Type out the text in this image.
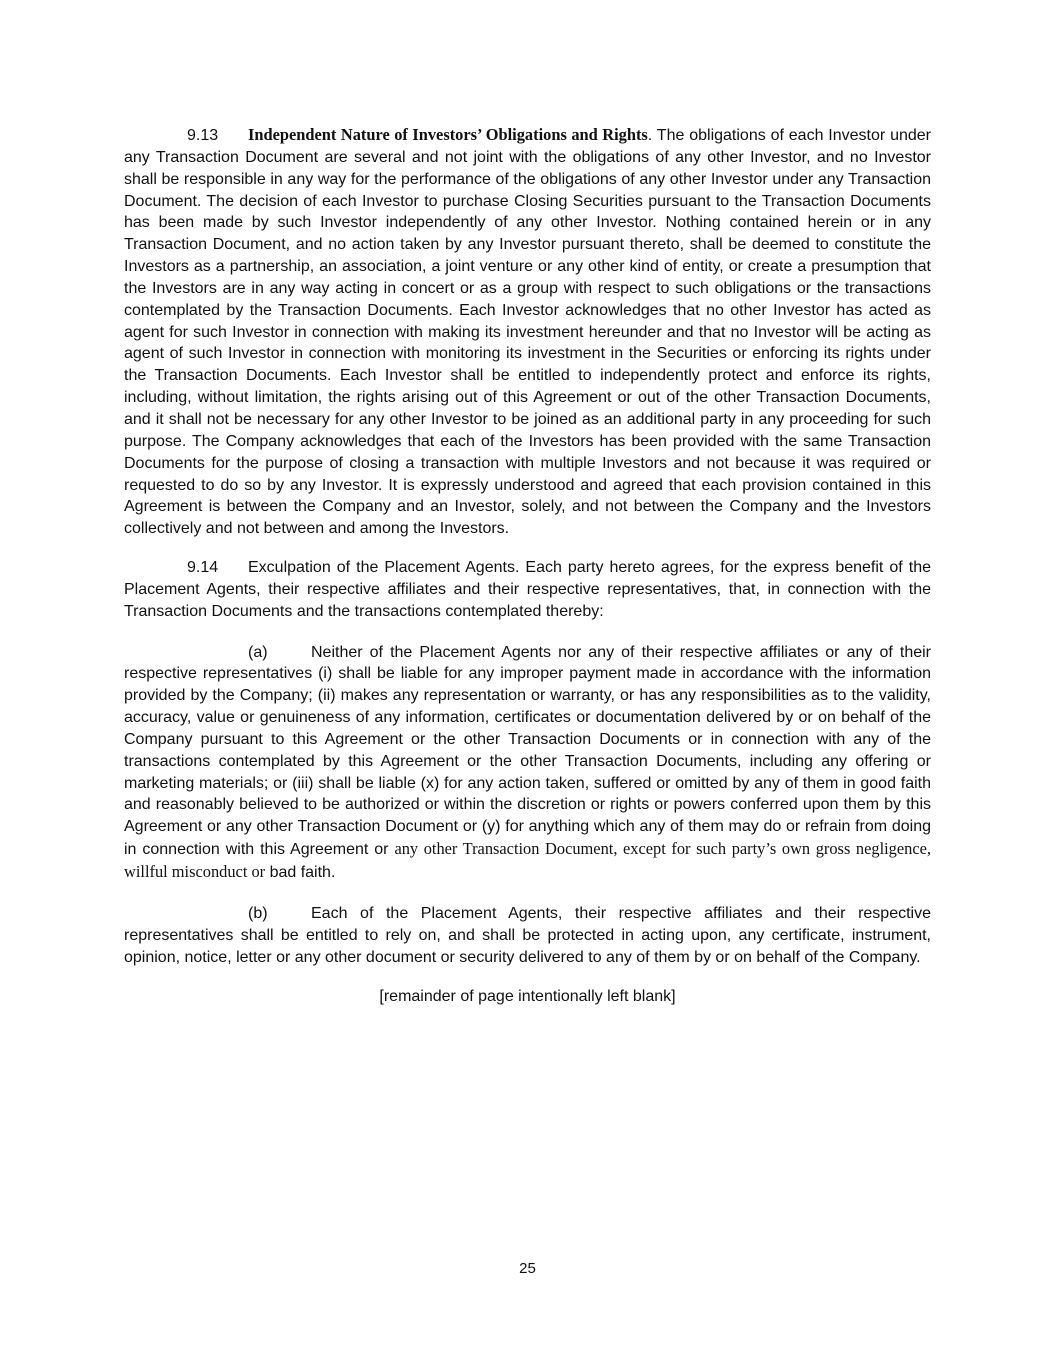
9.13 Independent Nature of Investors’ Obligations and Rights. The obligations of each Investor under any Transaction Document are several and not joint with the obligations of any other Investor, and no Investor shall be responsible in any way for the performance of the obligations of any other Investor under any Transaction Document. The decision of each Investor to purchase Closing Securities pursuant to the Transaction Documents has been made by such Investor independently of any other Investor. Nothing contained herein or in any Transaction Document, and no action taken by any Investor pursuant thereto, shall be deemed to constitute the Investors as a partnership, an association, a joint venture or any other kind of entity, or create a presumption that the Investors are in any way acting in concert or as a group with respect to such obligations or the transactions contemplated by the Transaction Documents. Each Investor acknowledges that no other Investor has acted as agent for such Investor in connection with making its investment hereunder and that no Investor will be acting as agent of such Investor in connection with monitoring its investment in the Securities or enforcing its rights under the Transaction Documents. Each Investor shall be entitled to independently protect and enforce its rights, including, without limitation, the rights arising out of this Agreement or out of the other Transaction Documents, and it shall not be necessary for any other Investor to be joined as an additional party in any proceeding for such purpose. The Company acknowledges that each of the Investors has been provided with the same Transaction Documents for the purpose of closing a transaction with multiple Investors and not because it was required or requested to do so by any Investor. It is expressly understood and agreed that each provision contained in this Agreement is between the Company and an Investor, solely, and not between the Company and the Investors collectively and not between and among the Investors.

9.14 Exculpation of the Placement Agents. Each party hereto agrees, for the express benefit of the Placement Agents, their respective affiliates and their respective representatives, that, in connection with the Transaction Documents and the transactions contemplated thereby:

(a)	Neither of the Placement Agents nor any of their respective affiliates or any of their respective representatives (i) shall be liable for any improper payment made in accordance with the information provided by the Company; (ii) makes any representation or warranty, or has any responsibilities as to the validity, accuracy, value or genuineness of any information, certificates or documentation delivered by or on behalf of the Company pursuant to this Agreement or the other Transaction Documents or in connection with any of the transactions contemplated by this Agreement or the other Transaction Documents, including any offering or marketing materials; or (iii) shall be liable (x) for any action taken, suffered or omitted by any of them in good faith and reasonably believed to be authorized or within the discretion or rights or powers conferred upon them by this Agreement or any other Transaction Document or (y) for anything which any of them may do or refrain from doing in connection with this Agreement or any other Transaction Document, except for such party’s own gross negligence, willful misconduct or bad faith.

(b)	Each of the Placement Agents, their respective affiliates and their respective representatives shall be entitled to rely on, and shall be protected in acting upon, any certificate, instrument, opinion, notice, letter or any other document or security delivered to any of them by or on behalf of the Company.

[remainder of page intentionally left blank]

25
